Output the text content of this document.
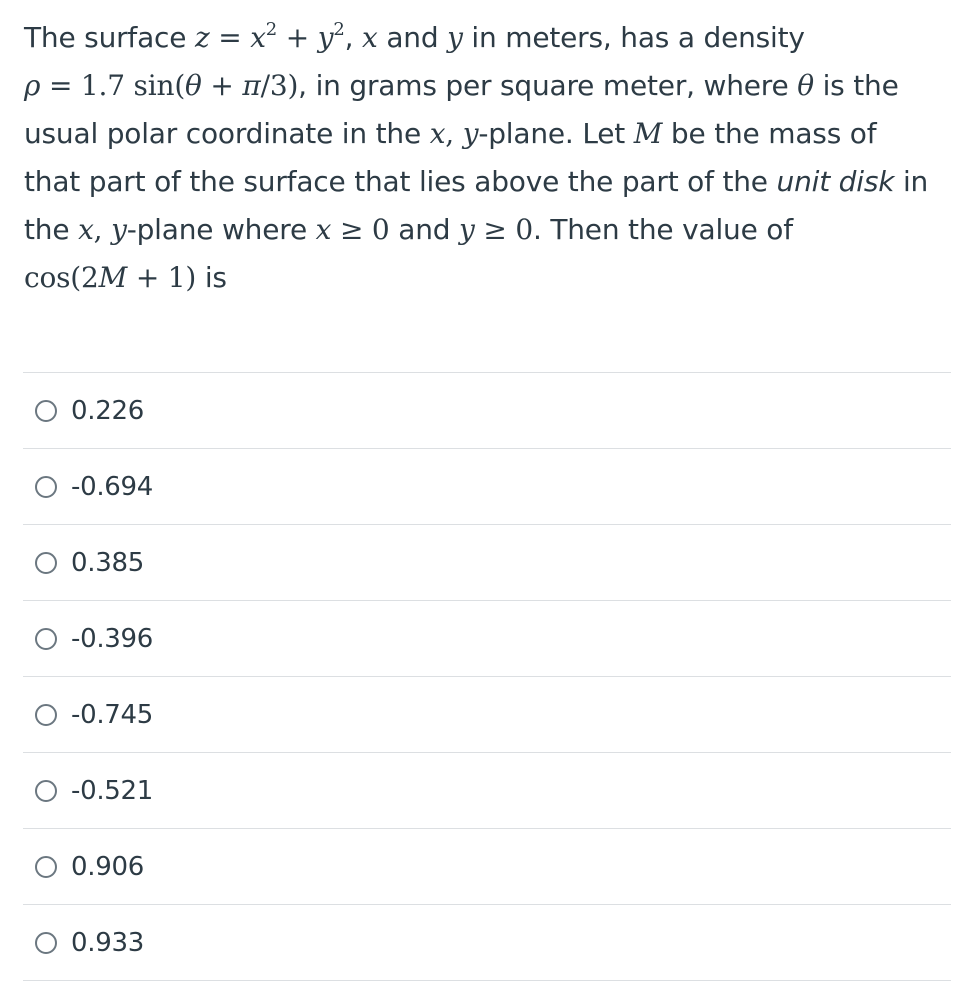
The surface $z = x^2 + y^2$, x and y in meters, has a density
ρ = 1.7 sin(θ + π/3), in grams per square meter, where θ is the
usual polar coordinate in the x, y-plane. Let M be the mass of
that part of the surface that lies above the part of the unit disk in
the x, y-plane where x ≥ 0 and y ≥ 0. Then the value of
cos(2M + 1) is
0.226
-0.694
0.385
-0.396
-0.745
-0.521
0.906
0.933
